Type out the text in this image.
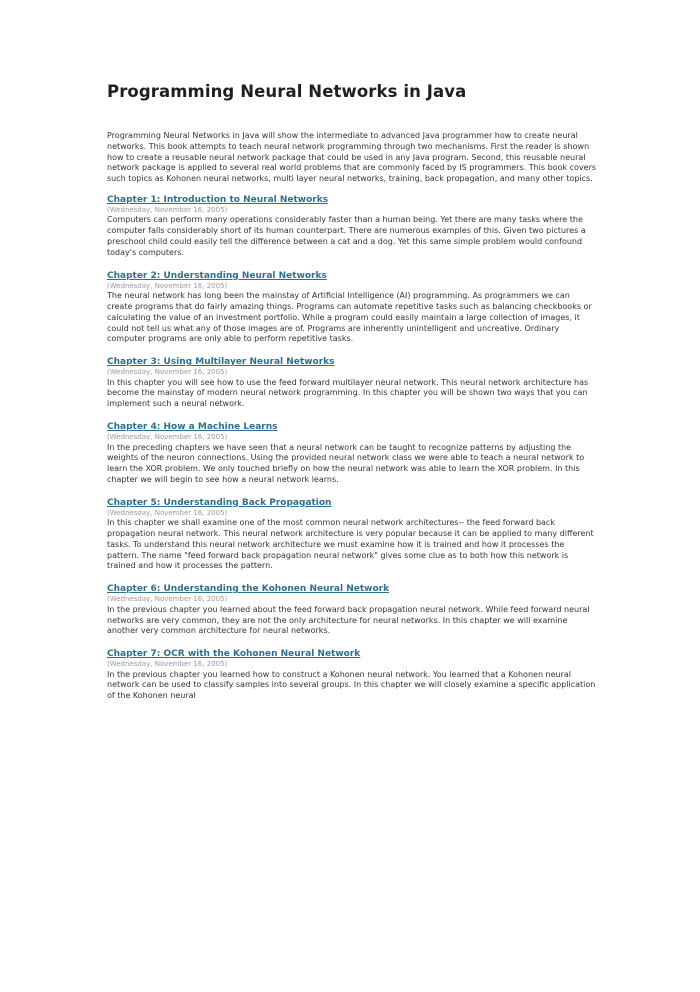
Programming Neural Networks in Java

Programming Neural Networks in Java will show the intermediate to advanced Java programmer how to create neural networks. This book attempts to teach neural network programming through two mechanisms. First the reader is shown how to create a reusable neural network package that could be used in any Java program. Second, this reusable neural network package is applied to several real world problems that are commonly faced by IS programmers. This book covers such topics as Kohonen neural networks, multi layer neural networks, training, back propagation, and many other topics.

Chapter 1: Introduction to Neural Networks
(Wednesday, November 16, 2005)

Computers can perform many operations considerably faster than a human being. Yet there are many tasks where the computer falls considerably short of its human counterpart. There are numerous examples of this. Given two pictures a preschool child could easily tell the difference between a cat and a dog. Yet this same simple problem would confound today's computers.

Chapter 2: Understanding Neural Networks
(Wednesday, November 16, 2005)

The neural network has long been the mainstay of Artificial Intelligence (AI) programming. As programmers we can create programs that do fairly amazing things. Programs can automate repetitive tasks such as balancing checkbooks or calculating the value of an investment portfolio. While a program could easily maintain a large collection of images, it could not tell us what any of those images are of. Programs are inherently unintelligent and uncreative. Ordinary computer programs are only able to perform repetitive tasks.

Chapter 3: Using Multilayer Neural Networks
(Wednesday, November 16, 2005)

In this chapter you will see how to use the feed forward multilayer neural network. This neural network architecture has become the mainstay of modern neural network programming. In this chapter you will be shown two ways that you can implement such a neural network.

Chapter 4: How a Machine Learns
(Wednesday, November 16, 2005)

In the preceding chapters we have seen that a neural network can be taught to recognize patterns by adjusting the weights of the neuron connections. Using the provided neural network class we were able to teach a neural network to learn the XOR problem. We only touched briefly on how the neural network was able to learn the XOR problem. In this chapter we will begin to see how a neural network learns.

Chapter 5: Understanding Back Propagation
(Wednesday, November 16, 2005)

In this chapter we shall examine one of the most common neural network architectures-- the feed forward back propagation neural network. This neural network architecture is very popular because it can be applied to many different tasks. To understand this neural network architecture we must examine how it is trained and how it processes the pattern. The name "feed forward back propagation neural network" gives some clue as to both how this network is trained and how it processes the pattern.

Chapter 6: Understanding the Kohonen Neural Network
(Wednesday, November 16, 2005)

In the previous chapter you learned about the feed forward back propagation neural network. While feed forward neural networks are very common, they are not the only architecture for neural networks. In this chapter we will examine another very common architecture for neural networks.

Chapter 7: OCR with the Kohonen Neural Network
(Wednesday, November 16, 2005)

In the previous chapter you learned how to construct a Kohonen neural network. You learned that a Kohonen neural network can be used to classify samples into several groups. In this chapter we will closely examine a specific application of the Kohonen neural
